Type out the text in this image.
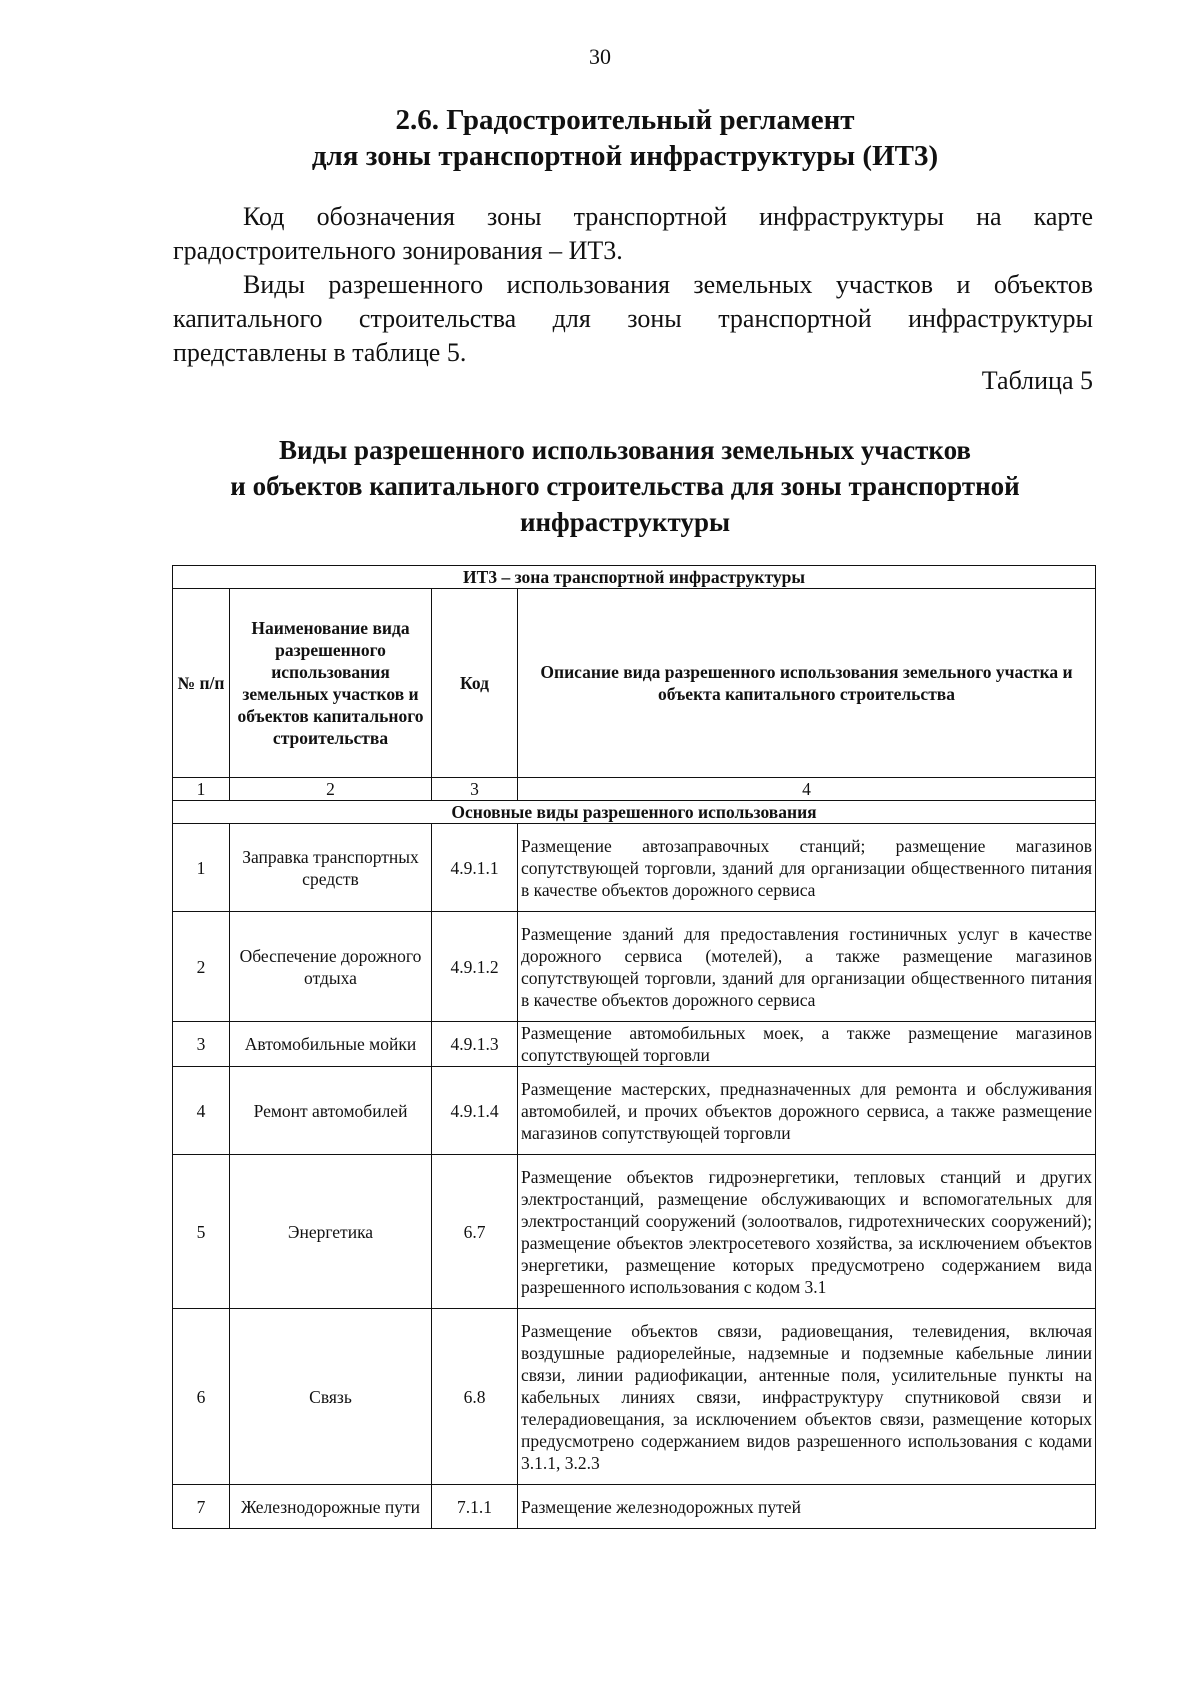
30
2.6. Градостроительный регламент
для зоны транспортной инфраструктуры (ИТ3)

Код обозначения зоны транспортной инфраструктуры на карте градостроительного зонирования – ИТ3.

Виды разрешенного использования земельных участков и объектов капитального строительства для зоны транспортной инфраструктуры представлены в таблице 5.

Таблица 5
Виды разрешенного использования земельных участков
и объектов капитального строительства для зоны транспортной
инфраструктуры
ИТ3 – зона транспортной инфраструктуры			
№ п/п	Наименование вида разрешенного использования земельных участков и объектов капитального строительства	Код	Описание вида разрешенного использования земельного участка и объекта капитального строительства
1	2	3	4
Основные виды разрешенного использования			
1	Заправка транспортных средств	4.9.1.1	Размещение автозаправочных станций; размещение магазинов сопутствующей торговли, зданий для организации общественного питания в качестве объектов дорожного сервиса
2	Обеспечение дорожного отдыха	4.9.1.2	Размещение зданий для предоставления гостиничных услуг в качестве дорожного сервиса (мотелей), а также размещение магазинов сопутствующей торговли, зданий для организации общественного питания в качестве объектов дорожного сервиса
3	Автомобильные мойки	4.9.1.3	Размещение автомобильных моек, а также размещение магазинов сопутствующей торговли
4	Ремонт автомобилей	4.9.1.4	Размещение мастерских, предназначенных для ремонта и обслуживания автомобилей, и прочих объектов дорожного сервиса, а также размещение магазинов сопутствующей торговли
5	Энергетика	6.7	Размещение объектов гидроэнергетики, тепловых станций и других электростанций, размещение обслуживающих и вспомогательных для электростанций сооружений (золоотвалов, гидротехнических сооружений); размещение объектов электросетевого хозяйства, за исключением объектов энергетики, размещение которых предусмотрено содержанием вида разрешенного использования с кодом 3.1
6	Связь	6.8	Размещение объектов связи, радиовещания, телевидения, включая воздушные радиорелейные, надземные и подземные кабельные линии связи, линии радиофикации, антенные поля, усилительные пункты на кабельных линиях связи, инфраструктуру спутниковой связи и телерадиовещания, за исключением объектов связи, размещение которых предусмотрено содержанием видов разрешенного использования с кодами 3.1.1, 3.2.3
7	Железнодорожные пути	7.1.1	Размещение железнодорожных путей
